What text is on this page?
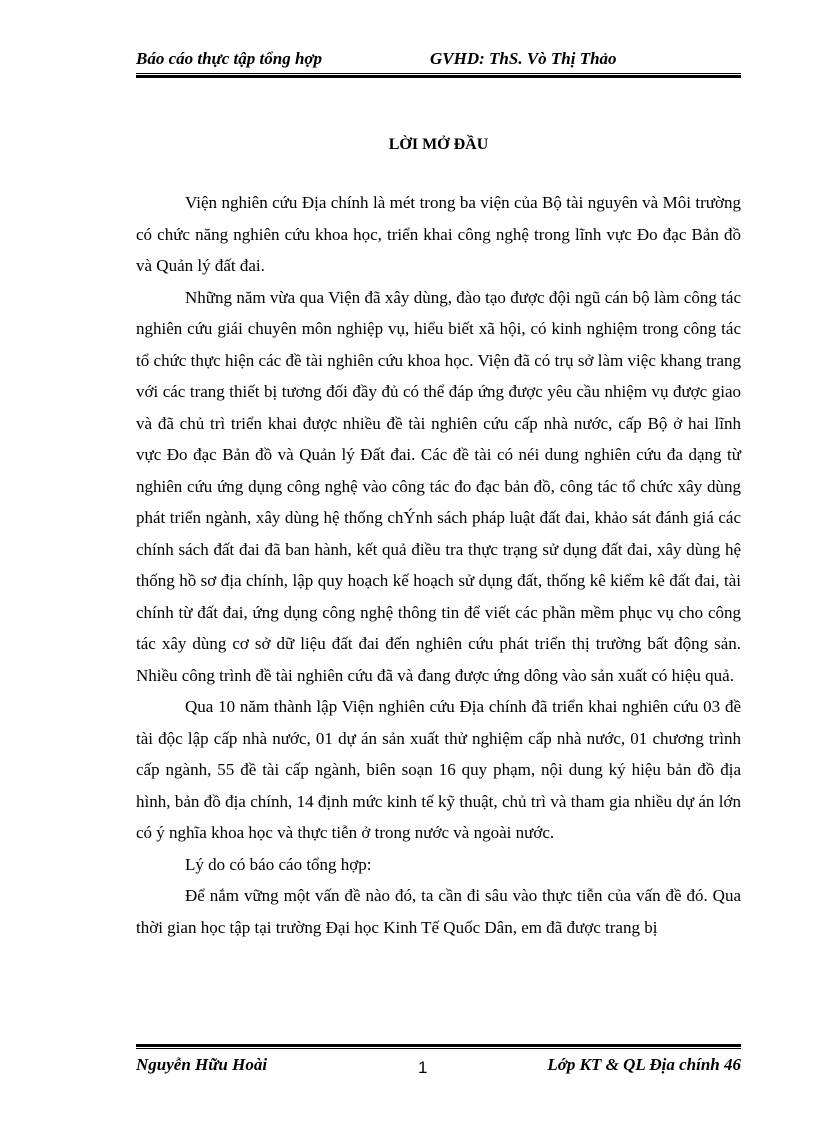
Báo cáo thực tập tổng hợp	GVHD: ThS. Vò Thị Thảo
LỜI MỞ ĐẦU

Viện nghiên cứu Địa chính là mét trong ba viện của Bộ tài nguyên và Môi trường có chức năng nghiên cứu khoa học, triển khai công nghệ trong lĩnh vực Đo đạc Bản đồ và Quản lý đất đai.

Những năm vừa qua Viện đã xây dùng, đào tạo được đội ngũ cán bộ làm công tác nghiên cứu giái chuyên môn nghiệp vụ, hiểu biết xã hội, có kinh nghiệm trong công tác tổ chức thực hiện các đề tài nghiên cứu khoa học. Viện đã có trụ sở làm việc khang trang với các trang thiết bị tương đối đầy đủ có thể đáp ứng được yêu cầu nhiệm vụ được giao và đã chủ trì triển khai được nhiều đề tài nghiên cứu cấp nhà nước, cấp Bộ ở hai lĩnh vực Đo đạc Bản đồ và Quản lý Đất đai. Các đề tài có néi dung nghiên cứu đa dạng từ nghiên cứu ứng dụng công nghệ vào công tác đo đạc bản đồ, công tác tổ chức xây dùng phát triển ngành, xây dùng hệ thống chÝnh sách pháp luật đất đai, khảo sát đánh giá các chính sách đất đai đã ban hành, kết quả điều tra thực trạng sử dụng đất đai, xây dùng hệ thống hồ sơ địa chính, lập quy hoạch kế hoạch sử dụng đất, thống kê kiểm kê đất đai, tài chính từ đất đai, ứng dụng công nghệ thông tin để viết các phần mềm phục vụ cho công tác xây dùng cơ sở dữ liệu đất đai đến nghiên cứu phát triển thị trường bất động sản. Nhiều công trình đề tài nghiên cứu đã và đang được ứng dông vào sản xuất có hiệu quả.

Qua 10 năm thành lập Viện nghiên cứu Địa chính đã triển khai nghiên cứu 03 đề tài độc lập cấp nhà nước, 01 dự án sản xuất thử nghiệm cấp nhà nước, 01 chương trình cấp ngành, 55 đề tài cấp ngành, biên soạn 16 quy phạm, nội dung ký hiệu bản đồ địa hình, bản đồ địa chính, 14 định mức kinh tế kỹ thuật, chủ trì và tham gia nhiều dự án lớn có ý nghĩa khoa học và thực tiễn ở trong nước và ngoài nước.

Lý do có báo cáo tổng hợp:

Để nắm vững một vấn đề nào đó, ta cần đi sâu vào thực tiễn của vấn đề đó. Qua thời gian học tập tại trường Đại học Kinh Tế Quốc Dân, em đã được trang bị

Nguyễn Hữu Hoài	1	Lớp KT & QL Địa chính 46
